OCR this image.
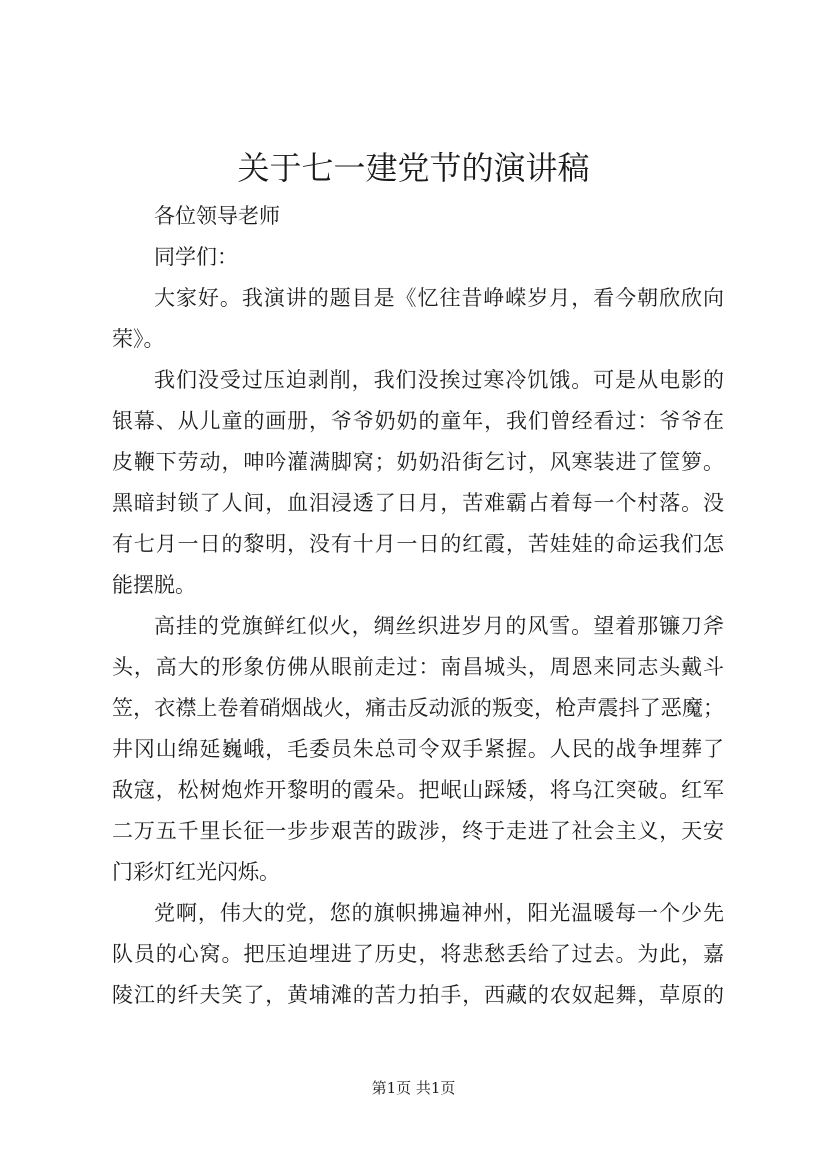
关于七一建党节的演讲稿
各位领导老师
同学们：
大家好。我演讲的题目是《忆往昔峥嵘岁月，看今朝欣欣向
荣》。
我们没受过压迫剥削，我们没挨过寒冷饥饿。可是从电影的
银幕、从儿童的画册，爷爷奶奶的童年，我们曾经看过：爷爷在
皮鞭下劳动，呻吟灌满脚窝；奶奶沿街乞讨，风寒装进了筐箩。
黑暗封锁了人间，血泪浸透了日月，苦难霸占着每一个村落。没
有七月一日的黎明，没有十月一日的红霞，苦娃娃的命运我们怎
能摆脱。
高挂的党旗鲜红似火，绸丝织进岁月的风雪。望着那镰刀斧
头，高大的形象仿佛从眼前走过：南昌城头，周恩来同志头戴斗
笠，衣襟上卷着硝烟战火，痛击反动派的叛变，枪声震抖了恶魔；
井冈山绵延巍峨，毛委员朱总司令双手紧握。人民的战争埋葬了
敌寇，松树炮炸开黎明的霞朵。把岷山踩矮，将乌江突破。红军
二万五千里长征一步步艰苦的跋涉，终于走进了社会主义，天安
门彩灯红光闪烁。
党啊，伟大的党，您的旗帜拂遍神州，阳光温暖每一个少先
队员的心窝。把压迫埋进了历史，将悲愁丢给了过去。为此，嘉
陵江的纤夫笑了，黄埔滩的苦力拍手，西藏的农奴起舞，草原的
第1页 共1页
